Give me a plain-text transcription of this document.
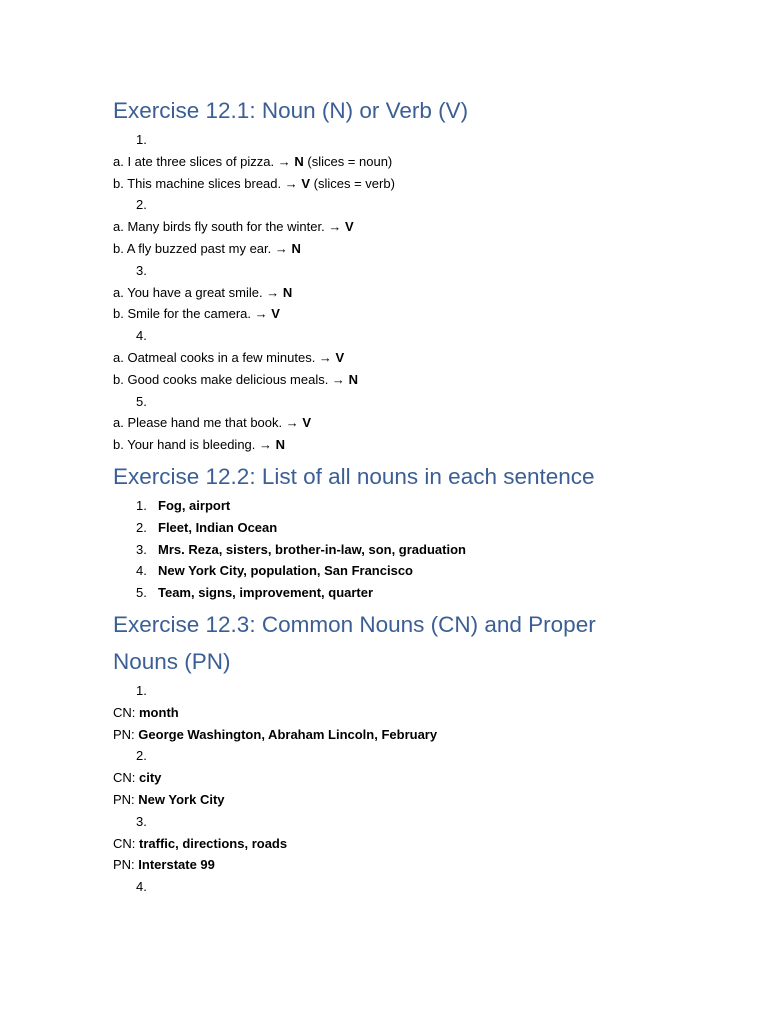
Exercise 12.1: Noun (N) or Verb (V)
1.
a. I ate three slices of pizza. → N (slices = noun)
b. This machine slices bread. → V (slices = verb)
2.
a. Many birds fly south for the winter. → V
b. A fly buzzed past my ear. → N
3.
a. You have a great smile. → N
b. Smile for the camera. → V
4.
a. Oatmeal cooks in a few minutes. → V
b. Good cooks make delicious meals. → N
5.
a. Please hand me that book. → V
b. Your hand is bleeding. → N
Exercise 12.2: List of all nouns in each sentence
1. Fog, airport
2. Fleet, Indian Ocean
3. Mrs. Reza, sisters, brother-in-law, son, graduation
4. New York City, population, San Francisco
5. Team, signs, improvement, quarter
Exercise 12.3: Common Nouns (CN) and Proper
Nouns (PN)
1.
CN: month
PN: George Washington, Abraham Lincoln, February
2.
CN: city
PN: New York City
3.
CN: traffic, directions, roads
PN: Interstate 99
4.
